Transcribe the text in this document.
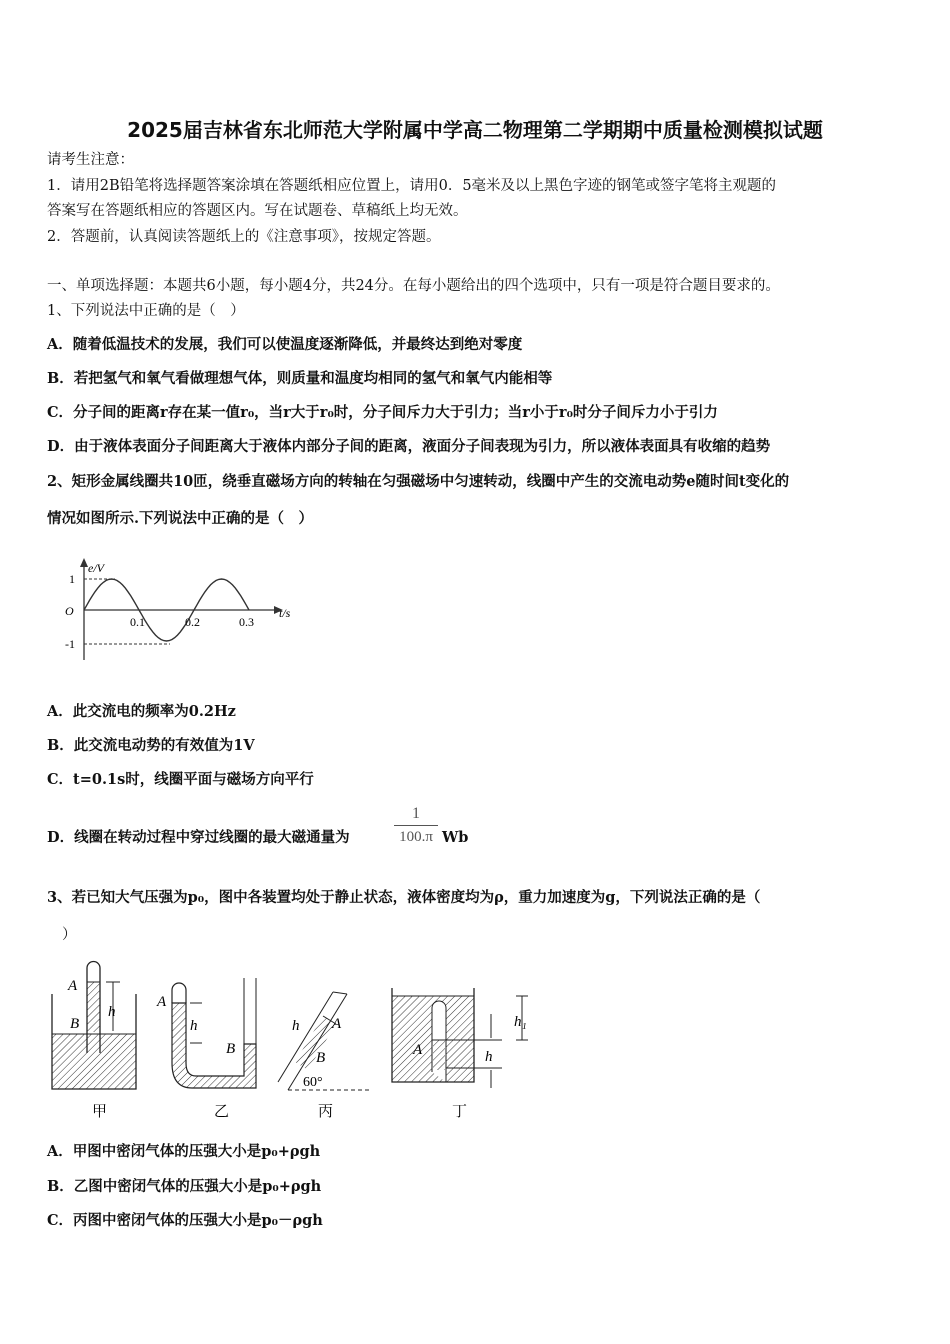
2025届吉林省东北师范大学附属中学高二物理第二学期期中质量检测模拟试题
请考生注意：
1．请用2B铅笔将选择题答案涂填在答题纸相应位置上，请用0．5毫米及以上黑色字迹的钢笔或签字笔将主观题的
答案写在答题纸相应的答题区内。写在试题卷、草稿纸上均无效。
2．答题前，认真阅读答题纸上的《注意事项》，按规定答题。
一、单项选择题：本题共6小题，每小题4分，共24分。在每小题给出的四个选项中，只有一项是符合题目要求的。
1、下列说法中正确的是（　）
A．随着低温技术的发展，我们可以使温度逐渐降低，并最终达到绝对零度
B．若把氢气和氧气看做理想气体，则质量和温度均相同的氢气和氧气内能相等
C．分子间的距离r存在某一值r₀，当r大于r₀时，分子间斥力大于引力；当r小于r₀时分子间斥力小于引力
D．由于液体表面分子间距离大于液体内部分子间的距离，液面分子间表现为引力，所以液体表面具有收缩的趋势
2、矩形金属线圈共10匝，绕垂直磁场方向的转轴在匀强磁场中匀速转动，线圈中产生的交流电动势e随时间t变化的
情况如图所示.下列说法中正确的是（　）
e/V
t/s
O
1
-1
0.1	0.2	0.3
A．此交流电的频率为0.2Hz
B．此交流电动势的有效值为1V
C．t=0.1s时，线圈平面与磁场方向平行
D．线圈在转动过程中穿过线圈的最大磁通量为	$\frac{1}{100.\pi}$ Wb
3、若已知大气压强为p₀，图中各装置均处于静止状态，液体密度均为ρ，重力加速度为g，下列说法正确的是（
）
A
B
h
甲
A
h
B
乙
h A
B
60°
丙
A	h
h₁
丁
A．甲图中密闭气体的压强大小是p₀+ρgh
B．乙图中密闭气体的压强大小是p₀+ρgh
C．丙图中密闭气体的压强大小是p₀－ρgh
